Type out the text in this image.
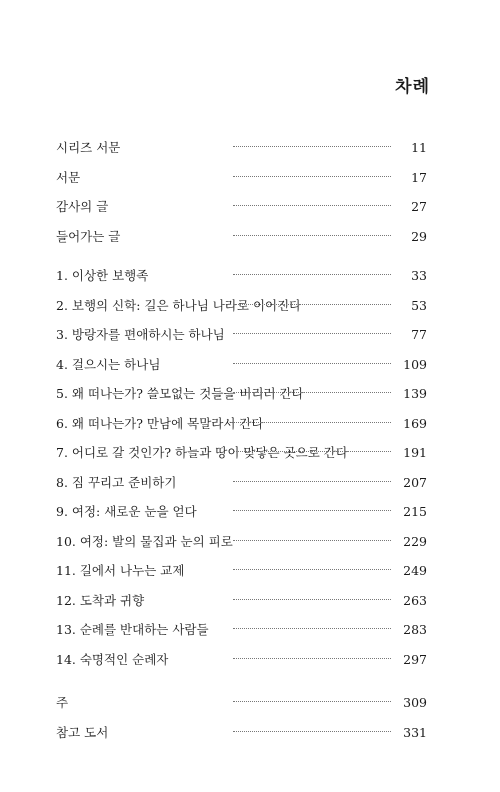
차례
시리즈 서문	11
서문	17
감사의 글	27
들어가는 글	29
1. 이상한 보행족	33
2. 보행의 신학: 길은 하나님 나라로 이어진다	53
3. 방랑자를 편애하시는 하나님	77
4. 걸으시는 하나님	109
5. 왜 떠나는가? 쓸모없는 것들을 버리러 간다	139
6. 왜 떠나는가? 만남에 목말라서 간다	169
7. 어디로 갈 것인가? 하늘과 땅이 맞닿은 곳으로 간다	191
8. 짐 꾸리고 준비하기	207
9. 여정: 새로운 눈을 얻다	215
10. 여정: 발의 물집과 눈의 피로	229
11. 길에서 나누는 교제	249
12. 도착과 귀향	263
13. 순례를 반대하는 사람들	283
14. 숙명적인 순례자	297
주	309
참고 도서	331
